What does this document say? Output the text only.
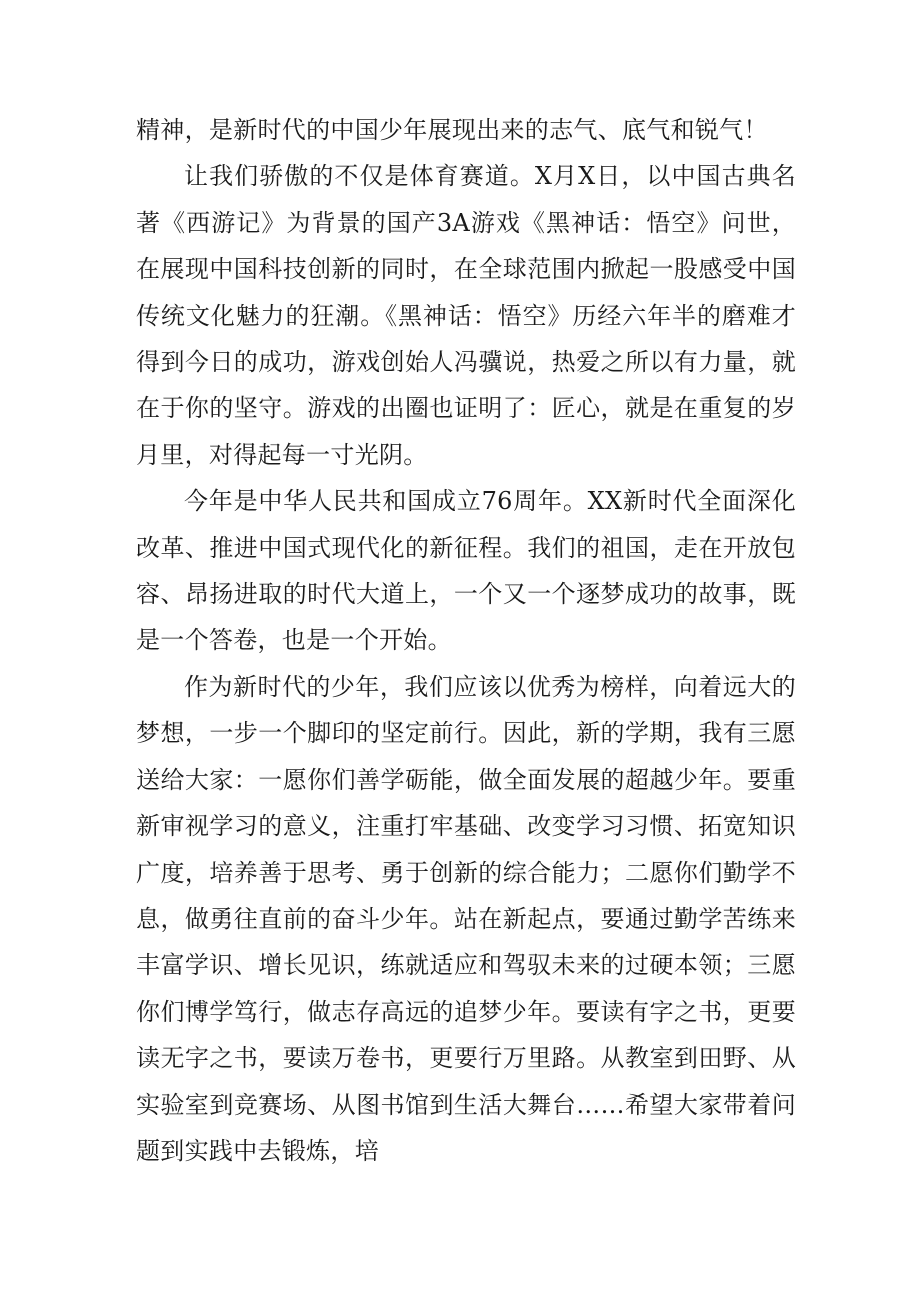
精神，是新时代的中国少年展现出来的志气、底气和锐气！

让我们骄傲的不仅是体育赛道。X月X日，以中国古典名著《西游记》为背景的国产3A游戏《黑神话：悟空》问世，在展现中国科技创新的同时，在全球范围内掀起一股感受中国传统文化魅力的狂潮。《黑神话：悟空》历经六年半的磨难才得到今日的成功，游戏创始人冯骥说，热爱之所以有力量，就在于你的坚守。游戏的出圈也证明了：匠心，就是在重复的岁月里，对得起每一寸光阴。

今年是中华人民共和国成立76周年。XX新时代全面深化改革、推进中国式现代化的新征程。我们的祖国，走在开放包容、昂扬进取的时代大道上，一个又一个逐梦成功的故事，既是一个答卷，也是一个开始。

作为新时代的少年，我们应该以优秀为榜样，向着远大的梦想，一步一个脚印的坚定前行。因此，新的学期，我有三愿送给大家：一愿你们善学砺能，做全面发展的超越少年。要重新审视学习的意义，注重打牢基础、改变学习习惯、拓宽知识广度，培养善于思考、勇于创新的综合能力；二愿你们勤学不息，做勇往直前的奋斗少年。站在新起点，要通过勤学苦练来丰富学识、增长见识，练就适应和驾驭未来的过硬本领；三愿你们博学笃行，做志存高远的追梦少年。要读有字之书，更要读无字之书，要读万卷书，更要行万里路。从教室到田野、从实验室到竞赛场、从图书馆到生活大舞台……希望大家带着问题到实践中去锻炼，培
